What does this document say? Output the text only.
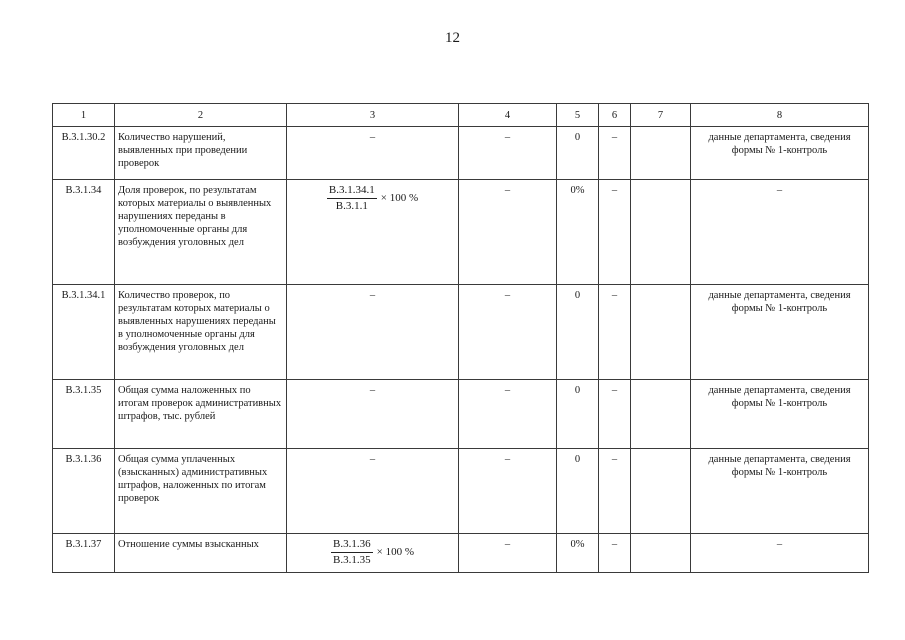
12
1	2	3	4	5	6	7	8
В.3.1.30.2	Количество нарушений, выявленных при проведении проверок	–	–	0	–		данные департамента, сведения формы № 1-контроль
В.3.1.34	Доля проверок, по результатам которых материалы о выявленных нарушениях переданы в уполномоченные органы для возбуждения уголовных дел	$\frac{В.3.1.34.1}{В.3.1.1} \times 100$ %	–	0%	–		–
В.3.1.34.1	Количество проверок, по результатам которых материалы о выявленных нарушениях переданы в уполномоченные органы для возбуждения уголовных дел	–	–	0	–		данные департамента, сведения формы № 1-контроль
В.3.1.35	Общая сумма наложенных по итогам проверок административных штрафов, тыс. рублей	–	–	0	–		данные департамента, сведения формы № 1-контроль
В.3.1.36	Общая сумма уплаченных (взысканных) административных штрафов, наложенных по итогам проверок	–	–	0	–		данные департамента, сведения формы № 1-контроль
В.3.1.37	Отношение суммы взысканных	$\frac{В.3.1.36}{В.3.1.35} \times 100$ %	–	0%	–		–
